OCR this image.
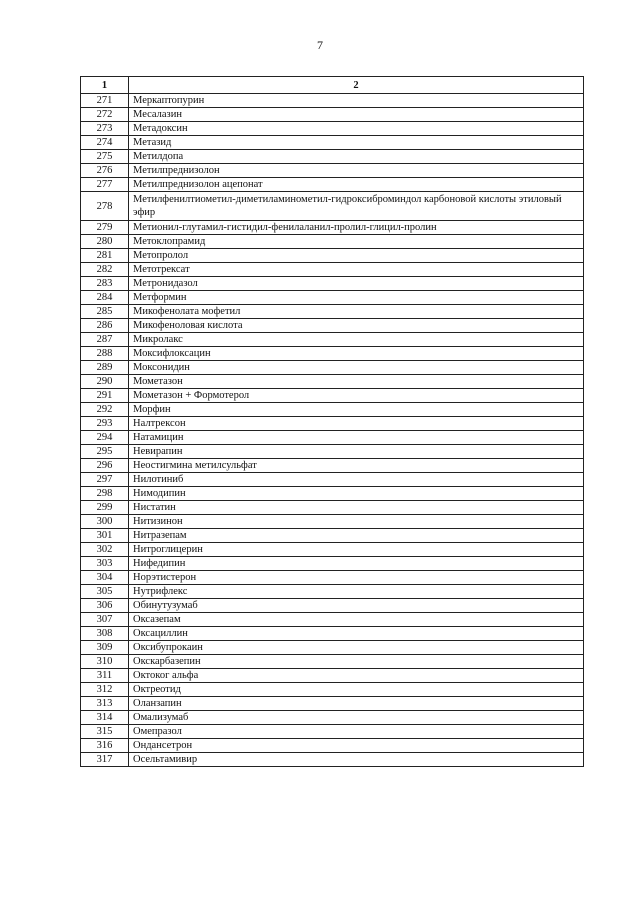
7
1	2
271	Меркаптопурин
272	Месалазин
273	Метадоксин
274	Метазид
275	Метилдопа
276	Метилпреднизолон
277	Метилпреднизолон ацепонат
278	Метилфенилтиометил-диметиламинометил-гидроксиброминдол карбоновой кислоты этиловый эфир
279	Метионил-глутамил-гистидил-фенилаланил-пролил-глицил-пролин
280	Метоклопрамид
281	Метопролол
282	Метотрексат
283	Метронидазол
284	Метформин
285	Микофенолата мофетил
286	Микофеноловая кислота
287	Микролакс
288	Моксифлоксацин
289	Моксонидин
290	Мометазон
291	Мометазон + Формотерол
292	Морфин
293	Налтрексон
294	Натамицин
295	Невирапин
296	Неостигмина метилсульфат
297	Нилотиниб
298	Нимодипин
299	Нистатин
300	Нитизинон
301	Нитразепам
302	Нитроглицерин
303	Нифедипин
304	Норэтистерон
305	Нутрифлекс
306	Обинутузумаб
307	Оксазепам
308	Оксациллин
309	Оксибупрокаин
310	Окскарбазепин
311	Октоког альфа
312	Октреотид
313	Оланзапин
314	Омализумаб
315	Омепразол
316	Ондансетрон
317	Осельтамивир
